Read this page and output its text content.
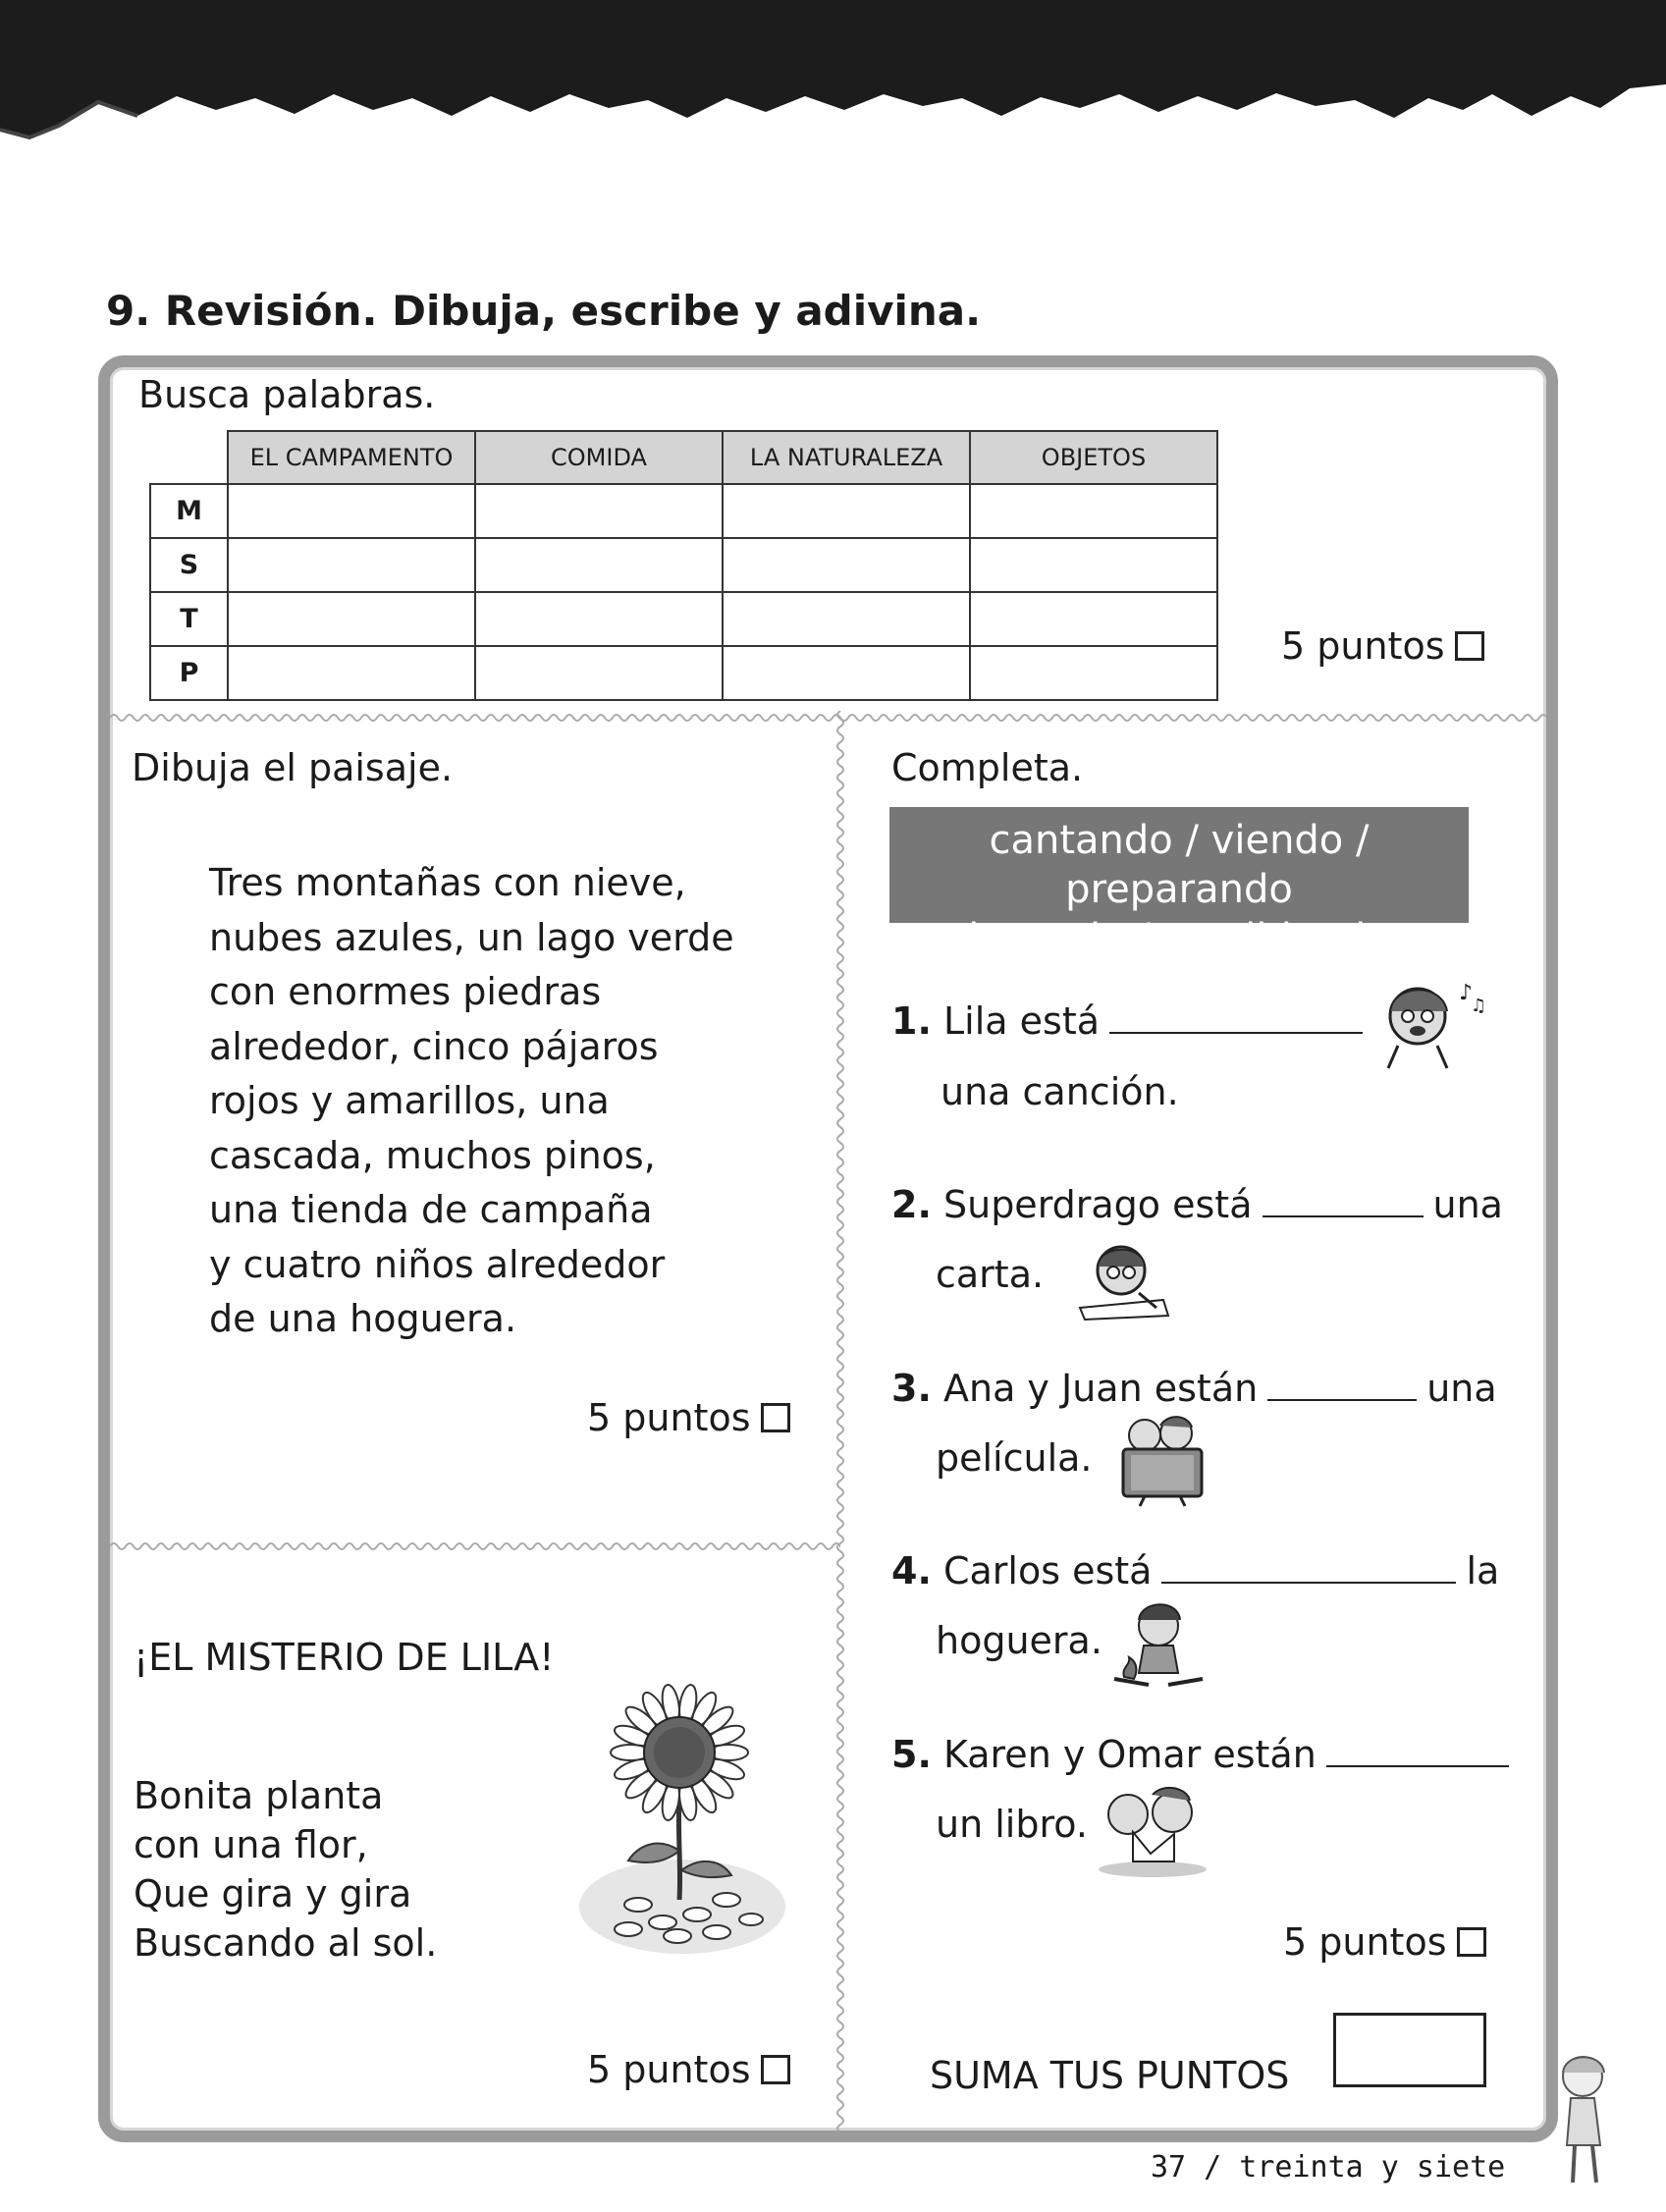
9. Revisión. Dibuja, escribe y adivina.
Busca palabras.
	EL CAMPAMENTO	COMIDA	LA NATURALEZA	OBJETOS
M				
S				
T				
P				
5 puntos
Dibuja el paisaje.
Tres montañas con nieve,
nubes azules, un lago verde
con enormes piedras
alrededor, cinco pájaros
rojos y amarillos, una
cascada, muchos pinos,
una tienda de campaña
y cuatro niños alrededor
de una hoguera.
5 puntos
¡EL MISTERIO DE LILA!
Bonita planta
con una flor,
Que gira y gira
Buscando al sol.
5 puntos
Completa.
cantando / viendo / preparando
leyendo / escribiendo
1. Lila está
una canción.
♪
♫
2. Superdrago está	una
carta.
3. Ana y Juan están	una
película.
4. Carlos está	la
hoguera.
5. Karen y Omar están
un libro.
5 puntos
SUMA TUS PUNTOS
37 / treinta y siete
